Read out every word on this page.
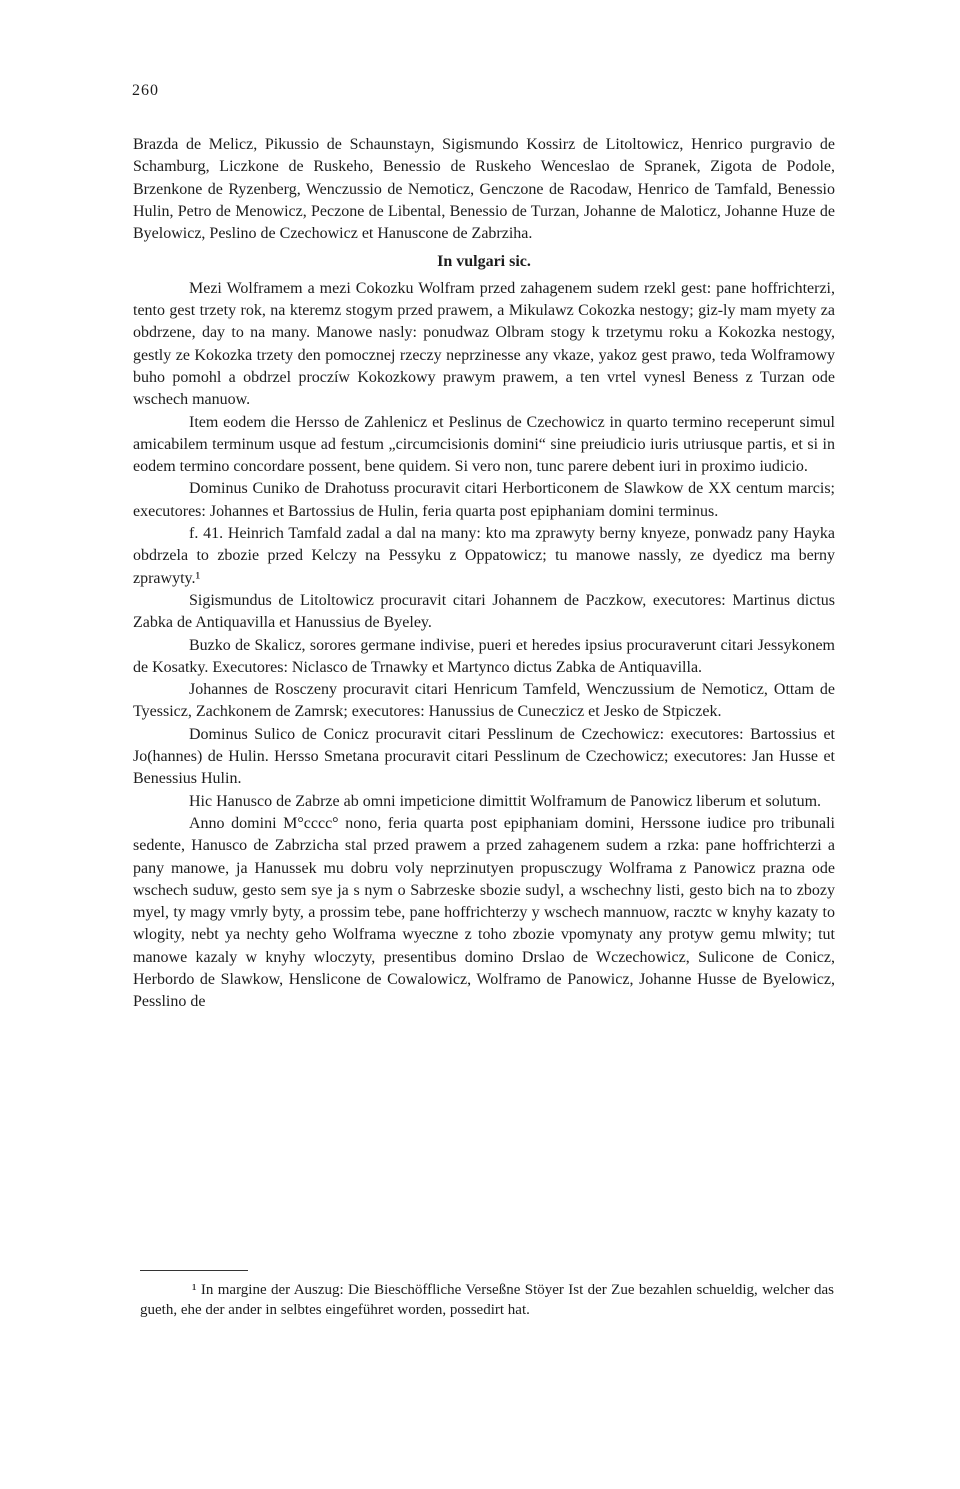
260

Brazda de Melicz, Pikussio de Schaunstayn, Sigismundo Kossirz de Litoltowicz, Henrico purgravio de Schamburg, Liczkone de Ruskeho, Benessio de Ruskeho Wenceslao de Spranek, Zigota de Podole, Brzenkone de Ryzenberg, Wenczussio de Nemoticz, Genczone de Racodaw, Henrico de Tamfald, Benessio Hulin, Petro de Menowicz, Peczone de Libental, Benessio de Turzan, Johanne de Maloticz, Johanne Huze de Byelowicz, Peslino de Czechowicz et Hanuscone de Zabrziha.

In vulgari sic.

Mezi Wolframem a mezi Cokozku Wolfram przed zahagenem sudem rzekl gest: pane hoffrichterzi, tento gest trzety rok, na kteremz stogym przed prawem, a Mikulawz Cokozka nestogy; giz-ly mam myety za obdrzene, day to na many. Manowe nasly: ponudwaz Olbram stogy k trzetymu roku a Kokozka nestogy, gestly ze Kokozka trzety den pomocznej rzeczy neprzinesse any vkaze, yakoz gest prawo, teda Wolframowy buho pomohl a obdrzel proczíw Kokozkowy prawym prawem, a ten vrtel vynesl Beness z Turzan ode wschech manuow.

Item eodem die Hersso de Zahlenicz et Peslinus de Czechowicz in quarto termino receperunt simul amicabilem terminum usque ad festum „circumcisionis domini“ sine preiudicio iuris utriusque partis, et si in eodem termino concordare possent, bene quidem. Si vero non, tunc parere debent iuri in proximo iudicio.

Dominus Cuniko de Drahotuss procuravit citari Herborticonem de Slawkow de XX centum marcis; executores: Johannes et Bartossius de Hulin, feria quarta post epiphaniam domini terminus.

f. 41. Heinrich Tamfald zadal a dal na many: kto ma zprawyty berny knyeze, ponwadz pany Hayka obdrzela to zbozie przed Kelczy na Pessyku z Oppatowicz; tu manowe nassly, ze dyedicz ma berny zprawyty.¹

Sigismundus de Litoltowicz procuravit citari Johannem de Paczkow, executores: Martinus dictus Zabka de Antiquavilla et Hanussius de Byeley.

Buzko de Skalicz, sorores germane indivise, pueri et heredes ipsius procuraverunt citari Jessykonem de Kosatky. Executores: Niclasco de Trnawky et Martynco dictus Zabka de Antiquavilla.

Johannes de Rosczeny procuravit citari Henricum Tamfeld, Wenczussium de Nemoticz, Ottam de Tyessicz, Zachkonem de Zamrsk; executores: Hanussius de Cuneczicz et Jesko de Stpiczek.

Dominus Sulico de Conicz procuravit citari Pesslinum de Czechowicz: executores: Bartossius et Jo(hannes) de Hulin. Hersso Smetana procuravit citari Pesslinum de Czechowicz; executores: Jan Husse et Benessius Hulin.

Hic Hanusco de Zabrze ab omni impeticione dimittit Wolframum de Panowicz liberum et solutum.

Anno domini M°cccc° nono, feria quarta post epiphaniam domini, Herssone iudice pro tribunali sedente, Hanusco de Zabrzicha stal przed prawem a przed zahagenem sudem a rzka: pane hoffrichterzi a pany manowe, ja Hanussek mu dobru voly neprzinutyen propusczugy Wolframa z Panowicz prazna ode wschech suduw, gesto sem sye ja s nym o Sabrzeske sbozie sudyl, a wschechny listi, gesto bich na to zbozy myel, ty magy vmrly byty, a prossim tebe, pane hoffrichterzy y wschech mannuow, racztc w knyhy kazaty to wlogity, nebt ya nechty geho Wolframa wyeczne z toho zbozie vpomynaty any protyw gemu mlwity; tut manowe kazaly w knyhy wloczyty, presentibus domino Drslao de Wczechowicz, Sulicone de Conicz, Herbordo de Slawkow, Henslicone de Cowalowicz, Wolframo de Panowicz, Johanne Husse de Byelowicz, Pesslino de

¹ In margine der Auszug: Die Bieschöffliche Verseßne Stöyer Ist der Zue bezahlen schueldig, welcher das gueth, ehe der ander in selbtes eingeführet worden, possedirt hat.
